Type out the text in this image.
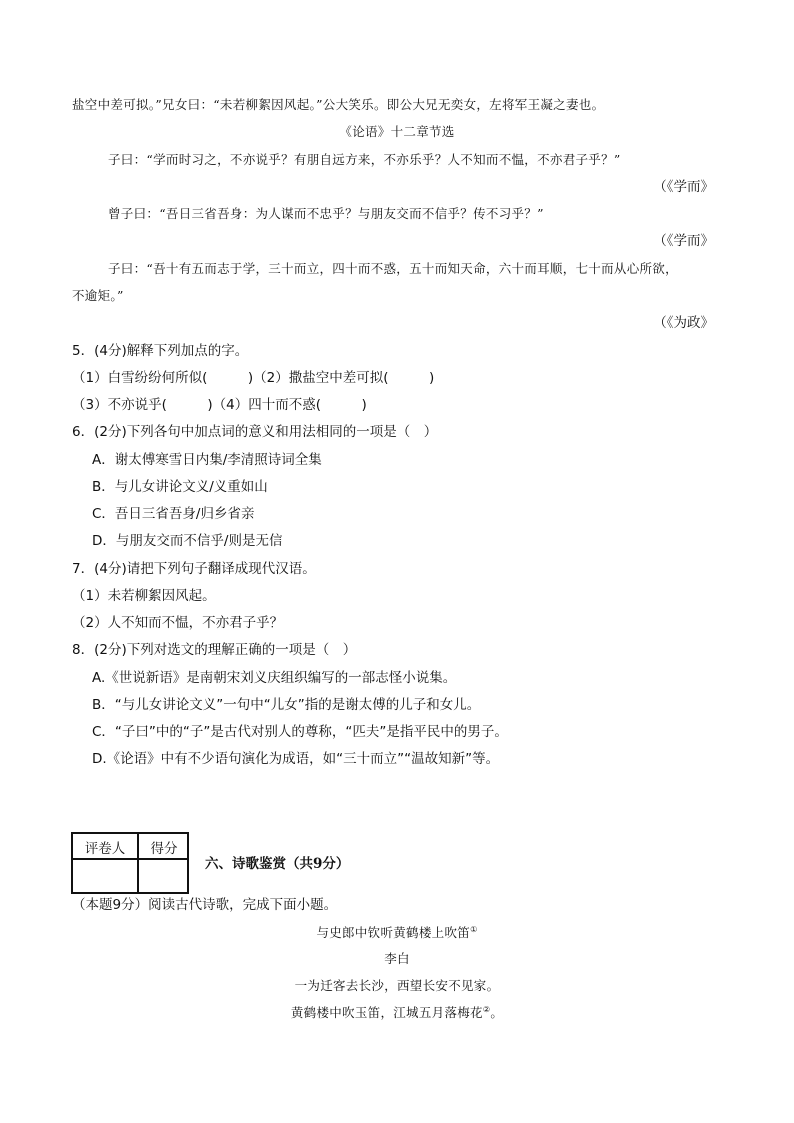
盐空中差可拟。”兄女曰：“未若柳絮因风起。”公大笑乐。即公大兄无奕女，左将军王凝之妻也。
《论语》十二章节选
子曰：“学而时习之，不亦说乎？有朋自远方来，不亦乐乎？人不知而不愠，不亦君子乎？”
（《学而》
曾子曰：“吾日三省吾身：为人谋而不忠乎？与朋友交而不信乎？传不习乎？”
（《学而》
子曰：“吾十有五而志于学，三十而立，四十而不惑，五十而知天命，六十而耳顺，七十而从心所欲，
不逾矩。”
（《为政》
5．(4分)解释下列加点的字。
（1）白雪纷纷何所似(　　　)（2）撒盐空中差可拟(　　　)
（3）不亦说乎(　　　)（4）四十而不惑(　　　)
6．(2分)下列各句中加点词的意义和用法相同的一项是（　）
A．谢太傅寒雪日内集/李清照诗词全集
B．与儿女讲论文义/义重如山
C．吾日三省吾身/归乡省亲
D．与朋友交而不信乎/则是无信
7．(4分)请把下列句子翻译成现代汉语。
（1）未若柳絮因风起。
（2）人不知而不愠，不亦君子乎？
8．(2分)下列对选文的理解正确的一项是（　）
A.《世说新语》是南朝宋刘义庆组织编写的一部志怪小说集。
B．“与儿女讲论文义”一句中“儿女”指的是谢太傅的儿子和女儿。
C．“子曰”中的“子”是古代对别人的尊称，“匹夫”是指平民中的男子。
D.《论语》中有不少语句演化为成语，如“三十而立”“温故知新”等。
评卷人	得分
六、诗歌鉴赏（共9分）
（本题9分）阅读古代诗歌，完成下面小题。
与史郎中钦听黄鹤楼上吹笛①
李白
一为迁客去长沙，西望长安不见家。
黄鹤楼中吹玉笛，江城五月落梅花②。
